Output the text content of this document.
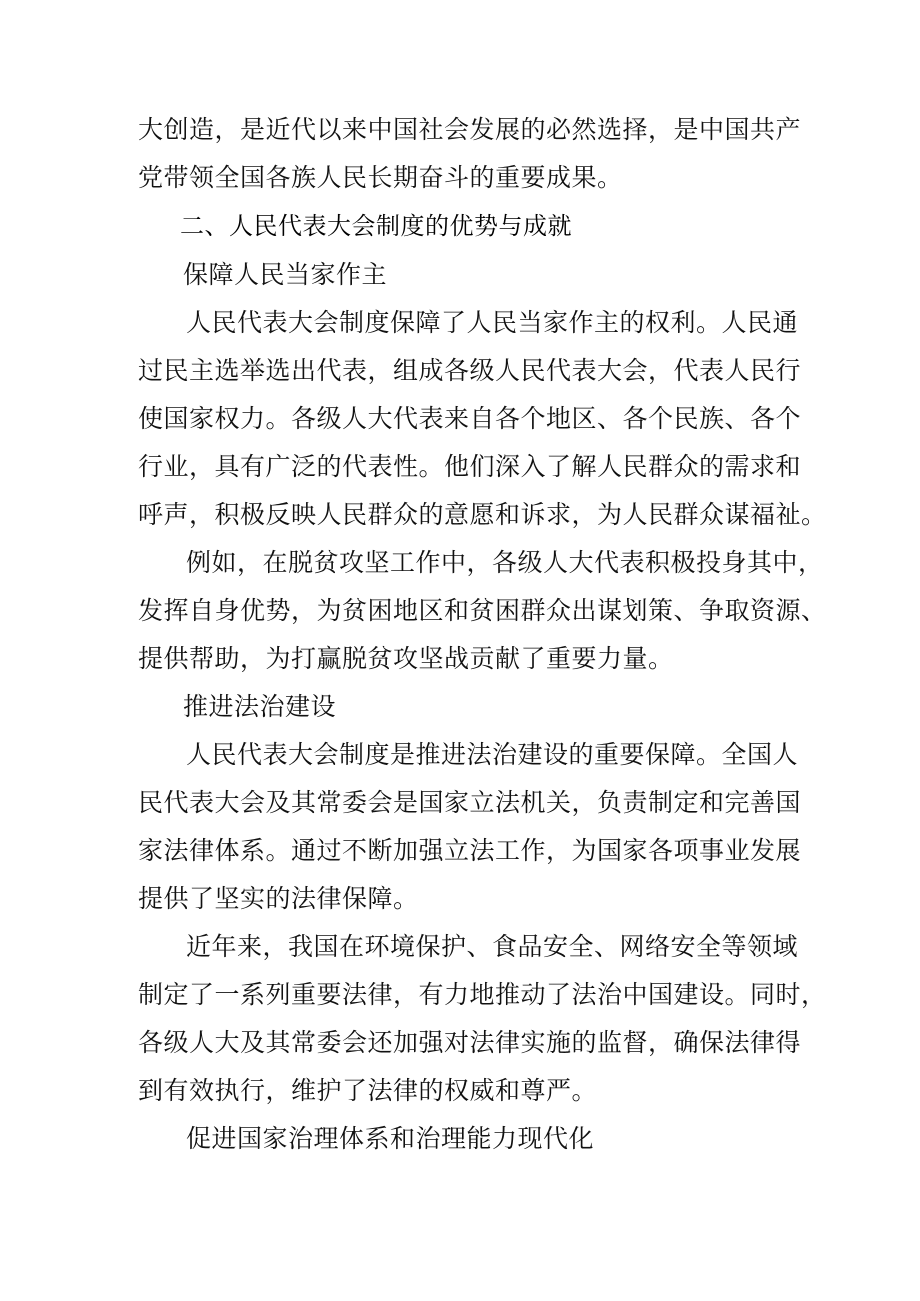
大创造，是近代以来中国社会发展的必然选择，是中国共产

党带领全国各族人民长期奋斗的重要成果。

二、人民代表大会制度的优势与成就

保障人民当家作主

人民代表大会制度保障了人民当家作主的权利。人民通

过民主选举选出代表，组成各级人民代表大会，代表人民行

使国家权力。各级人大代表来自各个地区、各个民族、各个

行业，具有广泛的代表性。他们深入了解人民群众的需求和

呼声，积极反映人民群众的意愿和诉求，为人民群众谋福祉。

例如，在脱贫攻坚工作中，各级人大代表积极投身其中，

发挥自身优势，为贫困地区和贫困群众出谋划策、争取资源、

提供帮助，为打赢脱贫攻坚战贡献了重要力量。

推进法治建设

人民代表大会制度是推进法治建设的重要保障。全国人

民代表大会及其常委会是国家立法机关，负责制定和完善国

家法律体系。通过不断加强立法工作，为国家各项事业发展

提供了坚实的法律保障。

近年来，我国在环境保护、食品安全、网络安全等领域

制定了一系列重要法律，有力地推动了法治中国建设。同时，

各级人大及其常委会还加强对法律实施的监督，确保法律得

到有效执行，维护了法律的权威和尊严。

促进国家治理体系和治理能力现代化
